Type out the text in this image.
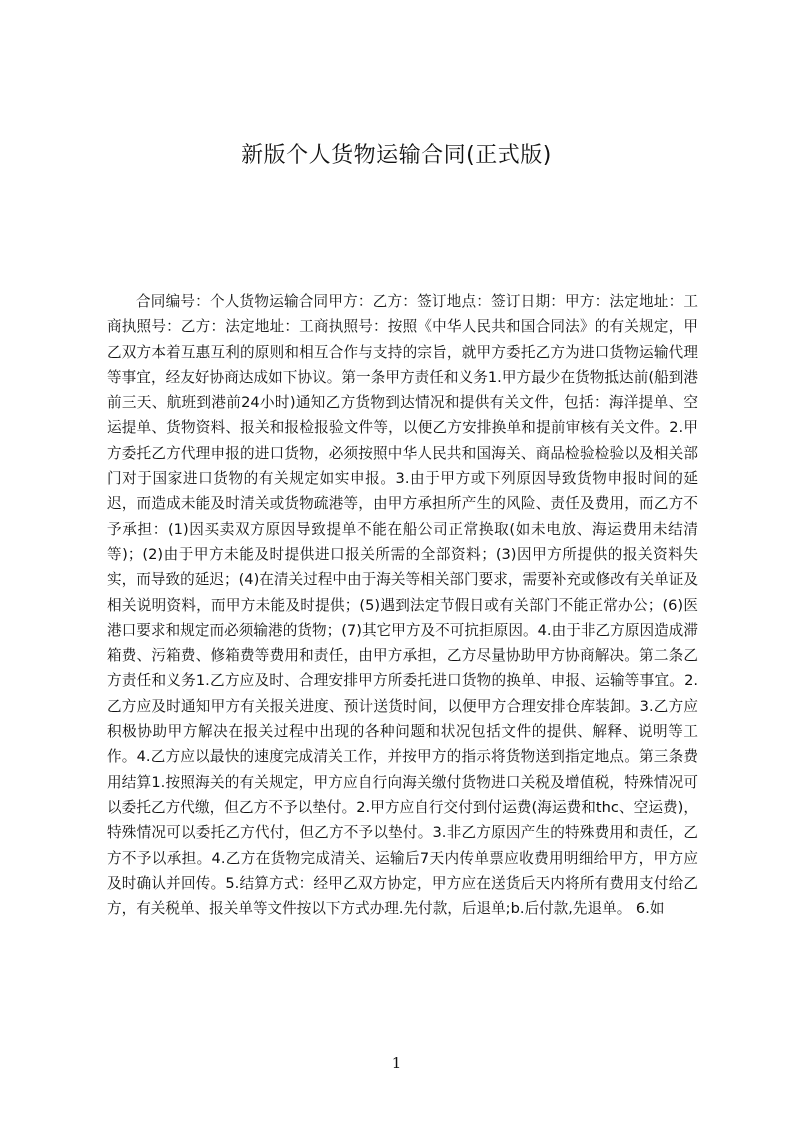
新版个人货物运输合同(正式版)

合同编号：个人货物运输合同甲方：乙方：签订地点：签订日期：甲方：法定地址：工商执照号：乙方：法定地址：工商执照号：按照《中华人民共和国合同法》的有关规定，甲乙双方本着互惠互利的原则和相互合作与支持的宗旨，就甲方委托乙方为进口货物运输代理等事宜，经友好协商达成如下协议。第一条甲方责任和义务1.甲方最少在货物抵达前(船到港前三天、航班到港前24小时)通知乙方货物到达情况和提供有关文件，包括：海洋提单、空运提单、货物资料、报关和报检报验文件等，以便乙方安排换单和提前审核有关文件。2.甲方委托乙方代理申报的进口货物，必须按照中华人民共和国海关、商品检验检验以及相关部门对于国家进口货物的有关规定如实申报。3.由于甲方或下列原因导致货物申报时间的延迟，而造成未能及时清关或货物疏港等，由甲方承担所产生的风险、责任及费用，而乙方不予承担：(1)因买卖双方原因导致提单不能在船公司正常换取(如未电放、海运费用未结清等)；(2)由于甲方未能及时提供进口报关所需的全部资料；(3)因甲方所提供的报关资料失实，而导致的延迟；(4)在清关过程中由于海关等相关部门要求，需要补充或修改有关单证及相关说明资料，而甲方未能及时提供；(5)遇到法定节假日或有关部门不能正常办公；(6)医港口要求和规定而必须输港的货物；(7)其它甲方及不可抗拒原因。4.由于非乙方原因造成滞箱费、污箱费、修箱费等费用和责任，由甲方承担，乙方尽量协助甲方协商解决。第二条乙方责任和义务1.乙方应及时、合理安排甲方所委托进口货物的换单、申报、运输等事宜。2.乙方应及时通知甲方有关报关进度、预计送货时间，以便甲方合理安排仓库装卸。3.乙方应积极协助甲方解决在报关过程中出现的各种问题和状况包括文件的提供、解释、说明等工作。4.乙方应以最快的速度完成清关工作，并按甲方的指示将货物送到指定地点。第三条费用结算1.按照海关的有关规定，甲方应自行向海关缴付货物进口关税及增值税，特殊情况可以委托乙方代缴，但乙方不予以垫付。2.甲方应自行交付到付运费(海运费和thc、空运费)，特殊情况可以委托乙方代付，但乙方不予以垫付。3.非乙方原因产生的特殊费用和责任，乙方不予以承担。4.乙方在货物完成清关、运输后7天内传单票应收费用明细给甲方，甲方应及时确认并回传。5.结算方式：经甲乙双方协定，甲方应在送货后天内将所有费用支付给乙方，有关税单、报关单等文件按以下方式办理.先付款，后退单;b.后付款,先退单。 6.如

1
